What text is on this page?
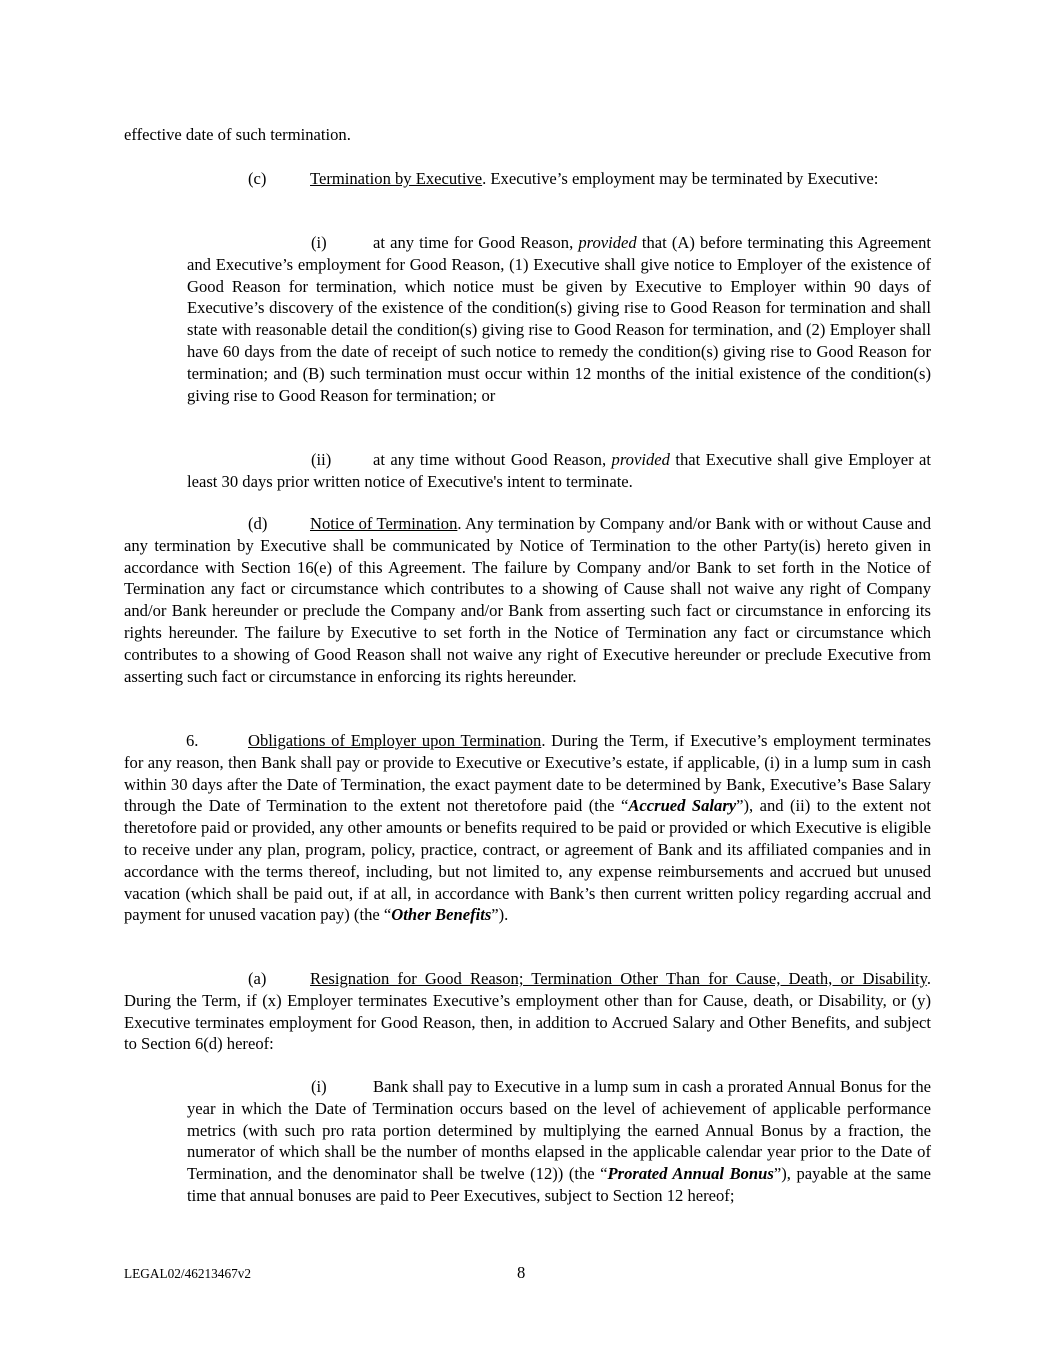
effective date of such termination.

(c)	Termination by Executive. Executive’s employment may be terminated by Executive:

(i)	at any time for Good Reason, provided that (A) before terminating this Agreement and Executive’s employment for Good Reason, (1) Executive shall give notice to Employer of the existence of Good Reason for termination, which notice must be given by Executive to Employer within 90 days of Executive’s discovery of the existence of the condition(s) giving rise to Good Reason for termination and shall state with reasonable detail the condition(s) giving rise to Good Reason for termination, and (2) Employer shall have 60 days from the date of receipt of such notice to remedy the condition(s) giving rise to Good Reason for termination; and (B) such termination must occur within 12 months of the initial existence of the condition(s) giving rise to Good Reason for termination; or

(ii)	at any time without Good Reason, provided that Executive shall give Employer at least 30 days prior written notice of Executive's intent to terminate.

(d)	Notice of Termination. Any termination by Company and/or Bank with or without Cause and any termination by Executive shall be communicated by Notice of Termination to the other Party(is) hereto given in accordance with Section 16(e) of this Agreement. The failure by Company and/or Bank to set forth in the Notice of Termination any fact or circumstance which contributes to a showing of Cause shall not waive any right of Company and/or Bank hereunder or preclude the Company and/or Bank from asserting such fact or circumstance in enforcing its rights hereunder. The failure by Executive to set forth in the Notice of Termination any fact or circumstance which contributes to a showing of Good Reason shall not waive any right of Executive hereunder or preclude Executive from asserting such fact or circumstance in enforcing its rights hereunder.

6.	Obligations of Employer upon Termination. During the Term, if Executive’s employment terminates for any reason, then Bank shall pay or provide to Executive or Executive’s estate, if applicable, (i) in a lump sum in cash within 30 days after the Date of Termination, the exact payment date to be determined by Bank, Executive’s Base Salary through the Date of Termination to the extent not theretofore paid (the “Accrued Salary”), and (ii) to the extent not theretofore paid or provided, any other amounts or benefits required to be paid or provided or which Executive is eligible to receive under any plan, program, policy, practice, contract, or agreement of Bank and its affiliated companies and in accordance with the terms thereof, including, but not limited to, any expense reimbursements and accrued but unused vacation (which shall be paid out, if at all, in accordance with Bank’s then current written policy regarding accrual and payment for unused vacation pay) (the “Other Benefits”).

(a)	Resignation for Good Reason; Termination Other Than for Cause, Death, or Disability. During the Term, if (x) Employer terminates Executive’s employment other than for Cause, death, or Disability, or (y) Executive terminates employment for Good Reason, then, in addition to Accrued Salary and Other Benefits, and subject to Section 6(d) hereof:

(i)	Bank shall pay to Executive in a lump sum in cash a prorated Annual Bonus for the year in which the Date of Termination occurs based on the level of achievement of applicable performance metrics (with such pro rata portion determined by multiplying the earned Annual Bonus by a fraction, the numerator of which shall be the number of months elapsed in the applicable calendar year prior to the Date of Termination, and the denominator shall be twelve (12)) (the “Prorated Annual Bonus”), payable at the same time that annual bonuses are paid to Peer Executives, subject to Section 12 hereof;

LEGAL02/46213467v2	8
